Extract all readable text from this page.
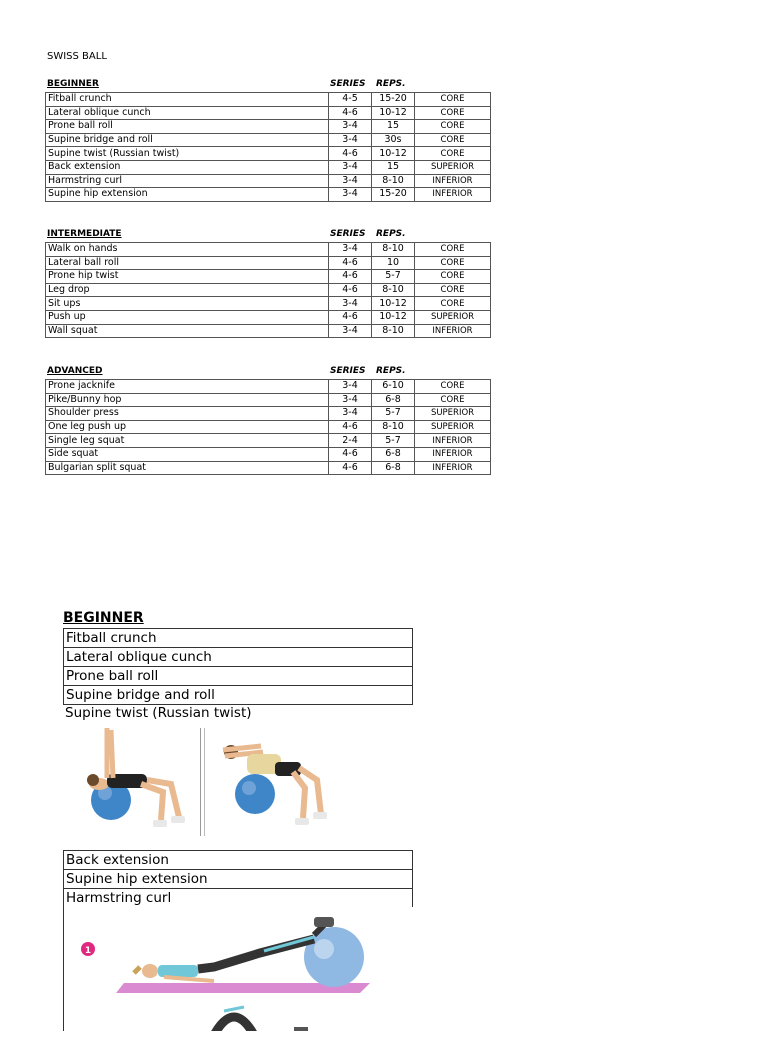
SWISS BALL
BEGINNER	SERIES REPS.
Fitball crunch	4-5	15-20	CORE
Lateral oblique cunch	4-6	10-12	CORE
Prone ball roll	3-4	15	CORE
Supine bridge and roll	3-4	30s	CORE
Supine twist (Russian twist)	4-6	10-12	CORE
Back extension	3-4	15	SUPERIOR
Harmstring curl	3-4	8-10	INFERIOR
Supine hip extension	3-4	15-20	INFERIOR
INTERMEDIATE	SERIES REPS.
Walk on hands	3-4	8-10	CORE
Lateral ball roll	4-6	10	CORE
Prone hip twist	4-6	5-7	CORE
Leg drop	4-6	8-10	CORE
Sit ups	3-4	10-12	CORE
Push up	4-6	10-12	SUPERIOR
Wall squat	3-4	8-10	INFERIOR
ADVANCED	SERIES REPS.
Prone jacknife	3-4	6-10	CORE
Pike/Bunny hop	3-4	6-8	CORE
Shoulder press	3-4	5-7	SUPERIOR
One leg push up	4-6	8-10	SUPERIOR
Single leg squat	2-4	5-7	INFERIOR
Side squat	4-6	6-8	INFERIOR
Bulgarian split squat	4-6	6-8	INFERIOR
BEGINNER
Fitball crunch
Lateral oblique cunch
Prone ball roll
Supine bridge and roll
Supine twist (Russian twist)
Back extension
Supine hip extension
Harmstring curl
1
